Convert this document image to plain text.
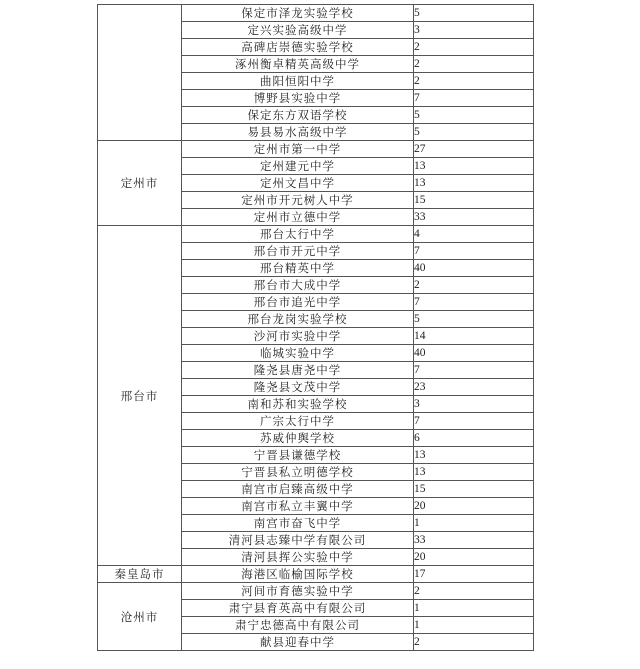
	保定市泽龙实验学校	5
	定兴实验高级中学	3
	高碑店崇德实验学校	2
	涿州衡卓精英高级中学	2
	曲阳恒阳中学	2
	博野县实验中学	7
	保定东方双语学校	5
	易县易水高级中学	5
定州市	定州市第一中学	27
	定州建元中学	13
	定州文昌中学	13
	定州市开元树人中学	15
	定州市立德中学	33
邢台市	邢台太行中学	4
	邢台市开元中学	7
	邢台精英中学	40
	邢台市大成中学	2
	邢台市追光中学	7
	邢台龙岗实验学校	5
	沙河市实验中学	14
	临城实验中学	40
	隆尧县唐尧中学	7
	隆尧县文茂中学	23
	南和苏和实验学校	3
	广宗太行中学	7
	苏威仲舆学校	6
	宁晋县谦德学校	13
	宁晋县私立明德学校	13
	南宫市启臻高级中学	15
	南宫市私立丰翼中学	20
	南宫市奋飞中学	1
	清河县志臻中学有限公司	33
	清河县挥公实验中学	20
秦皇岛市	海港区临榆国际学校	17
沧州市	河间市育德实验中学	2
	肃宁县育英高中有限公司	1
	肃宁忠德高中有限公司	1
	献县迎春中学	2
